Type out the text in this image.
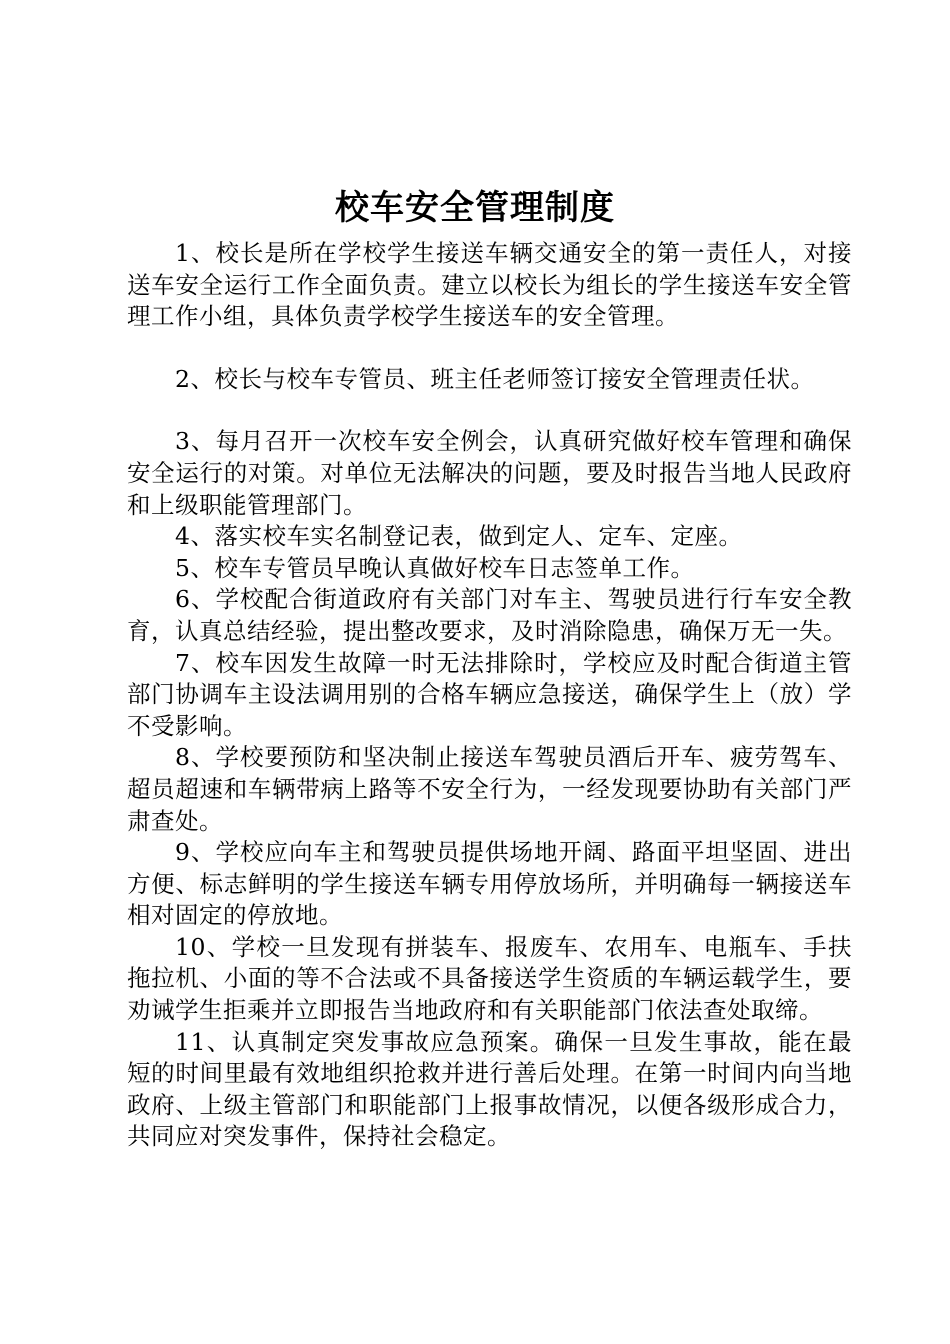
校车安全管理制度

1、校长是所在学校学生接送车辆交通安全的第一责任人，对接送车安全运行工作全面负责。建立以校长为组长的学生接送车安全管理工作小组，具体负责学校学生接送车的安全管理。

2、校长与校车专管员、班主任老师签订接安全管理责任状。

3、每月召开一次校车安全例会，认真研究做好校车管理和确保安全运行的对策。对单位无法解决的问题，要及时报告当地人民政府和上级职能管理部门。

4、落实校车实名制登记表，做到定人、定车、定座。

5、校车专管员早晚认真做好校车日志签单工作。

6、学校配合街道政府有关部门对车主、驾驶员进行行车安全教育，认真总结经验，提出整改要求，及时消除隐患，确保万无一失。

7、校车因发生故障一时无法排除时，学校应及时配合街道主管部门协调车主设法调用别的合格车辆应急接送，确保学生上（放）学不受影响。

8、学校要预防和坚决制止接送车驾驶员酒后开车、疲劳驾车、超员超速和车辆带病上路等不安全行为，一经发现要协助有关部门严肃查处。

9、学校应向车主和驾驶员提供场地开阔、路面平坦坚固、进出方便、标志鲜明的学生接送车辆专用停放场所，并明确每一辆接送车相对固定的停放地。

10、学校一旦发现有拼装车、报废车、农用车、电瓶车、手扶拖拉机、小面的等不合法或不具备接送学生资质的车辆运载学生，要劝诫学生拒乘并立即报告当地政府和有关职能部门依法查处取缔。

11、认真制定突发事故应急预案。确保一旦发生事故，能在最短的时间里最有效地组织抢救并进行善后处理。在第一时间内向当地政府、上级主管部门和职能部门上报事故情况，以便各级形成合力，共同应对突发事件，保持社会稳定。
